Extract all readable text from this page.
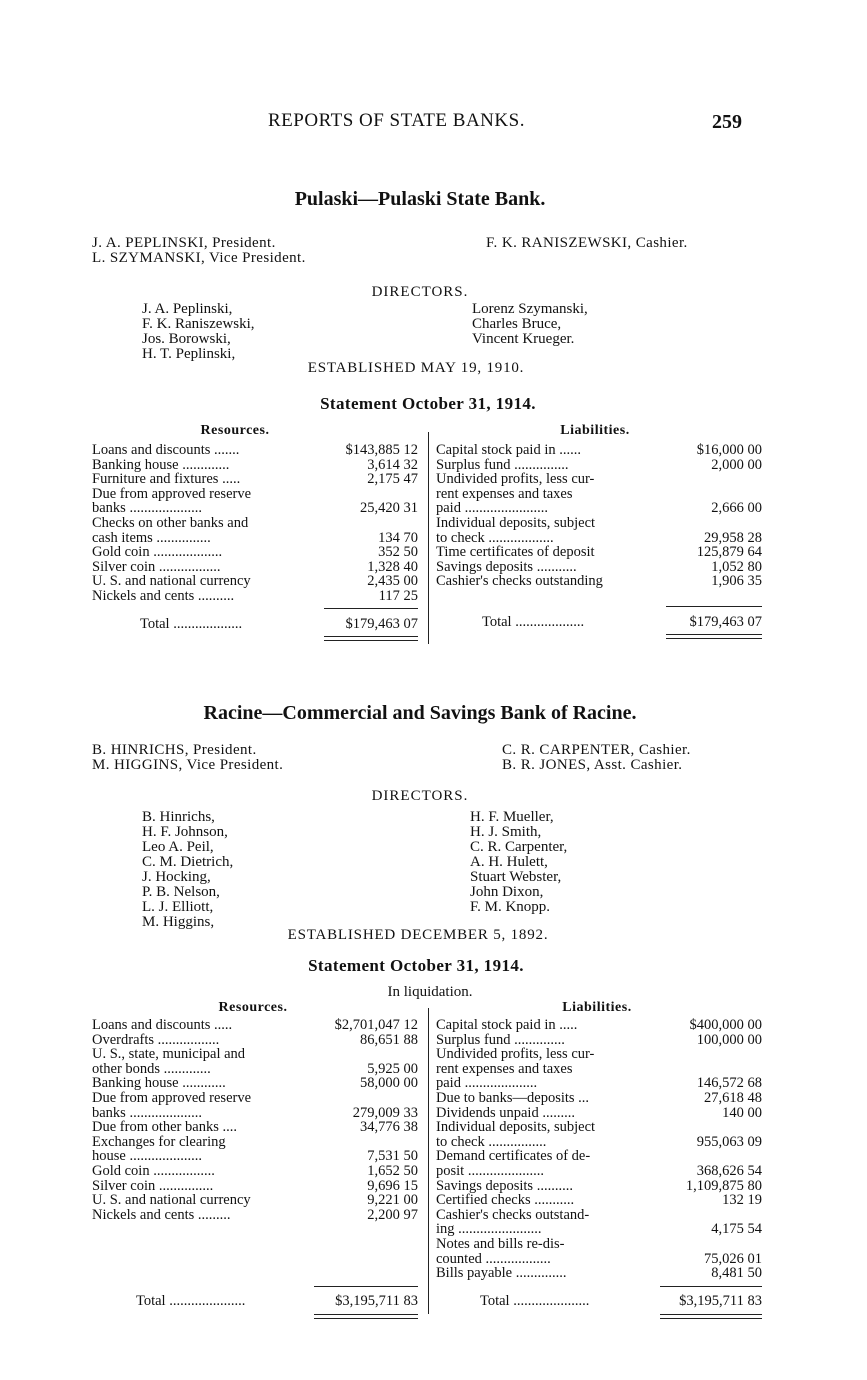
REPORTS OF STATE BANKS.	259
Pulaski—Pulaski State Bank.
J. A. PEPLINSKI, President.
L. SZYMANSKI, Vice President.
F. K. RANISZEWSKI, Cashier.
DIRECTORS.
J. A. Peplinski,
F. K. Raniszewski,
Jos. Borowski,
H. T. Peplinski,
Lorenz Szymanski,
Charles Bruce,
Vincent Krueger.
ESTABLISHED MAY 19, 1910.
Statement October 31, 1914.
Resources.	Liabilities.
Loans and discounts .......	$143,885 12
Banking house .............	3,614 32
Furniture and fixtures .....	2,175 47
Due from approved reserve
banks ....................	25,420 31
Checks on other banks and
cash items ...............	134 70
Gold coin ...................	352 50
Silver coin .................	1,328 40
U. S. and national currency	2,435 00
Nickels and cents ..........	117 25
Capital stock paid in ......	$16,000 00
Surplus fund ...............	2,000 00
Undivided profits, less cur-
rent expenses and taxes
paid .......................	2,666 00
Individual deposits, subject
to check ..................	29,958 28
Time certificates of deposit	125,879 64
Savings deposits ...........	1,052 80
Cashier's checks outstanding	1,906 35
Total ...................	$179,463 07	Total ...................	$179,463 07
Racine—Commercial and Savings Bank of Racine.
B. HINRICHS, President.
M. HIGGINS, Vice President.
C. R. CARPENTER, Cashier.
B. R. JONES, Asst. Cashier.
DIRECTORS.
B. Hinrichs,
H. F. Johnson,
Leo A. Peil,
C. M. Dietrich,
J. Hocking,
P. B. Nelson,
L. J. Elliott,
M. Higgins,
H. F. Mueller,
H. J. Smith,
C. R. Carpenter,
A. H. Hulett,
Stuart Webster,
John Dixon,
F. M. Knopp.
ESTABLISHED DECEMBER 5, 1892.
Statement October 31, 1914.
In liquidation.
Resources.	Liabilities.
Loans and discounts .....	$2,701,047 12
Overdrafts .................	86,651 88
U. S., state, municipal and
other bonds .............	5,925 00
Banking house ............	58,000 00
Due from approved reserve
banks ....................	279,009 33
Due from other banks ....	34,776 38
Exchanges for clearing
house ....................	7,531 50
Gold coin .................	1,652 50
Silver coin ...............	9,696 15
U. S. and national currency	9,221 00
Nickels and cents .........	2,200 97
Capital stock paid in .....	$400,000 00
Surplus fund ..............	100,000 00
Undivided profits, less cur-
rent expenses and taxes
paid ....................	146,572 68
Due to banks—deposits ...	27,618 48
Dividends unpaid .........	140 00
Individual deposits, subject
to check ................	955,063 09
Demand certificates of de-
posit .....................	368,626 54
Savings deposits ..........	1,109,875 80
Certified checks ...........	132 19
Cashier's checks outstand-
ing .......................	4,175 54
Notes and bills re-dis-
counted ..................	75,026 01
Bills payable ..............	8,481 50
Total .....................	$3,195,711 83	Total .....................	$3,195,711 83
